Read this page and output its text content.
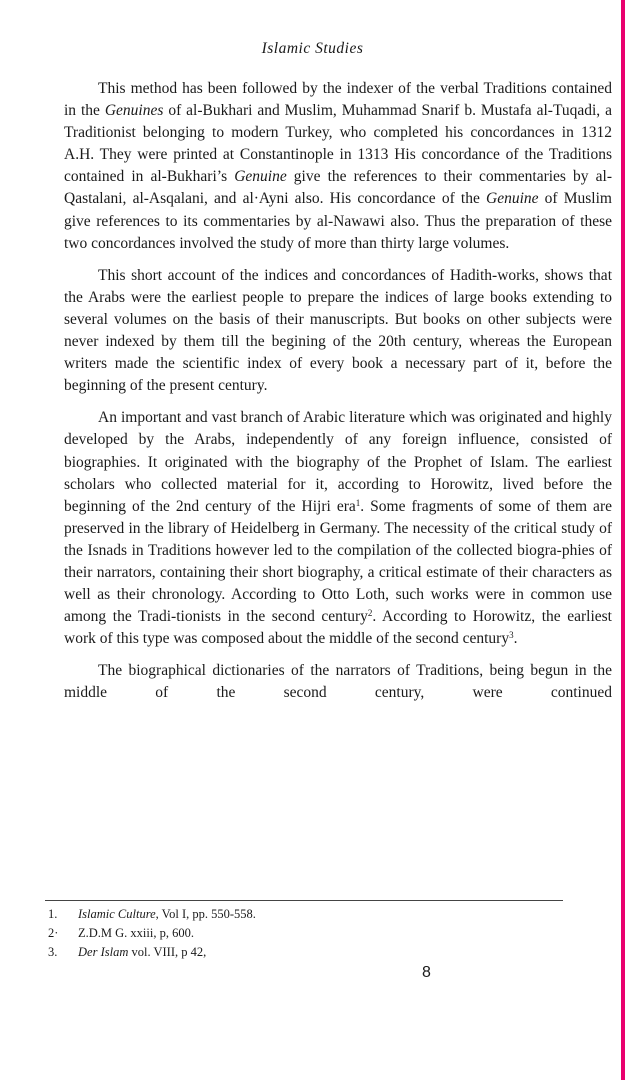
Islamic Studies

This method has been followed by the indexer of the verbal Traditions contained in the Genuines of al-Bukhari and Muslim, Muhammad Snarif b. Mustafa al-Tuqadi, a Traditionist belonging to modern Turkey, who completed his concordances in 1312 A.H. They were printed at Constantinople in 1313 His concordance of the Traditions contained in al-Bukhari’s Genuine give the references to their commentaries by al-Qastalani, al-Asqalani, and al·Ayni also. His concordance of the Genuine of Muslim give references to its commentaries by al-Nawawi also. Thus the preparation of these two concordances involved the study of more than thirty large volumes.

This short account of the indices and concordances of Hadith-works, shows that the Arabs were the earliest people to prepare the indices of large books extending to several volumes on the basis of their manuscripts. But books on other subjects were never indexed by them till the begining of the 20th century, whereas the European writers made the scientific index of every book a necessary part of it, before the beginning of the present century.

An important and vast branch of Arabic literature which was originated and highly developed by the Arabs, independently of any foreign influence, consisted of biographies. It originated with the biography of the Prophet of Islam. The earliest scholars who collected material for it, according to Horowitz, lived before the beginning of the 2nd century of the Hijri era$^1$. Some fragments of some of them are preserved in the library of Heidelberg in Germany. The necessity of the critical study of the Isnads in Traditions however led to the compilation of the collected biogra-phies of their narrators, containing their short biography, a critical estimate of their characters as well as their chronology. According to Otto Loth, such works were in common use among the Tradi-tionists in the second century$^2$. According to Horowitz, the earliest work of this type was composed about the middle of the second century$^3$.

The biographical dictionaries of the narrators of Traditions, being begun in the middle of the second century, were continued

1. Islamic Culture, Vol I, pp. 550-558.
2· Z.D.M G. xxiii, p, 600.
3. Der Islam vol. VIII, p 42,
8
